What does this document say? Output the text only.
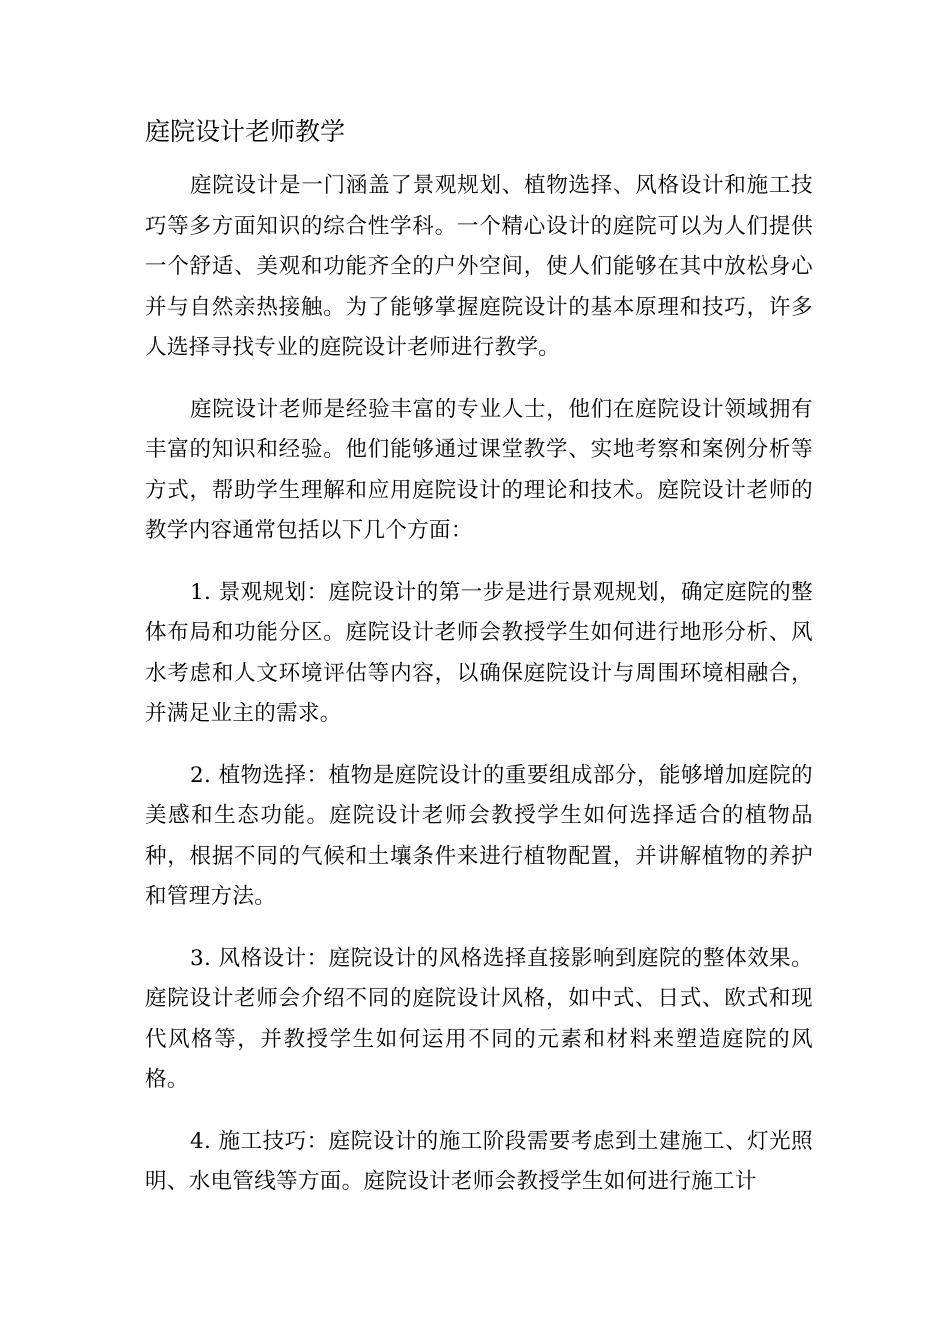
庭院设计老师教学

庭院设计是一门涵盖了景观规划、植物选择、风格设计和施工技巧等多方面知识的综合性学科。一个精心设计的庭院可以为人们提供一个舒适、美观和功能齐全的户外空间，使人们能够在其中放松身心并与自然亲热接触。为了能够掌握庭院设计的基本原理和技巧，许多人选择寻找专业的庭院设计老师进行教学。

庭院设计老师是经验丰富的专业人士，他们在庭院设计领域拥有丰富的知识和经验。他们能够通过课堂教学、实地考察和案例分析等方式，帮助学生理解和应用庭院设计的理论和技术。庭院设计老师的教学内容通常包括以下几个方面：

1. 景观规划：庭院设计的第一步是进行景观规划，确定庭院的整体布局和功能分区。庭院设计老师会教授学生如何进行地形分析、风水考虑和人文环境评估等内容，以确保庭院设计与周围环境相融合，并满足业主的需求。

2. 植物选择：植物是庭院设计的重要组成部分，能够增加庭院的美感和生态功能。庭院设计老师会教授学生如何选择适合的植物品种，根据不同的气候和土壤条件来进行植物配置，并讲解植物的养护和管理方法。

3. 风格设计：庭院设计的风格选择直接影响到庭院的整体效果。庭院设计老师会介绍不同的庭院设计风格，如中式、日式、欧式和现代风格等，并教授学生如何运用不同的元素和材料来塑造庭院的风格。

4. 施工技巧：庭院设计的施工阶段需要考虑到土建施工、灯光照明、水电管线等方面。庭院设计老师会教授学生如何进行施工计
